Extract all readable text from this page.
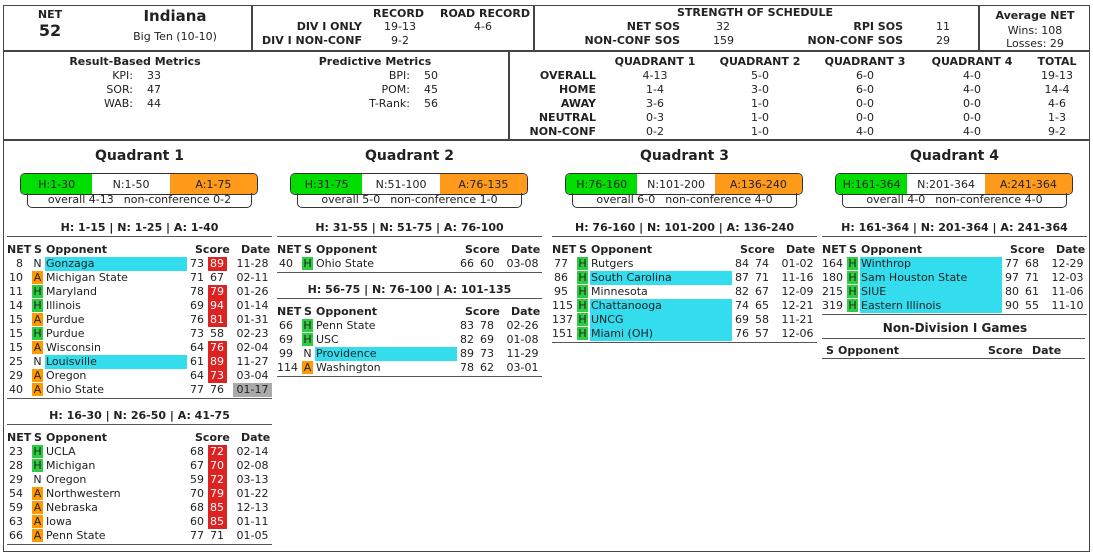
NET
52
Indiana
Big Ten (10-10)
RECORD ROAD RECORD
DIV I ONLY	19-13	4-6
DIV I NON-CONF	9-2
STRENGTH OF SCHEDULE
NET SOS	32
NON-CONF SOS	159
RPI SOS	11
NON-CONF SOS	29
Average NET
Wins: 108
Losses: 29
Result-Based Metrics
KPI: 33
SOR: 47
WAB: 44
Predictive Metrics
BPI: 50
POM: 45
T-Rank: 56
QUADRANT 1	QUADRANT 2	QUADRANT 3	QUADRANT 4	TOTAL
OVERALL	4-13	5-0	6-0	4-0	19-13
HOME	1-4	3-0	6-0	4-0	14-4
AWAY	3-6	1-0	0-0	0-0	4-6
NEUTRAL	0-3	1-0	0-0	0-0	1-3
NON-CONF	0-2	1-0	4-0	4-0	9-2
Quadrant 1
H:1-30	N:1-50	A:1-75
overall 4-13 non-conference 0-2
H: 1-15 | N: 1-25 | A: 1-40
NET S Opponent	Score Date
8 N Gonzaga	73 89	11-28
10 A Michigan State	71 67	02-11
11 H Maryland	78 79	01-26
14 H Illinois	69 94	01-14
15 A Purdue	76 81	01-31
15 H Purdue	73 58	02-23
15 A Wisconsin	64 76	02-04
25 N Louisville	61 89	11-27
29 A Oregon	64 73	03-04
40 A Ohio State	77 76	01-17
H: 16-30 | N: 26-50 | A: 41-75
NET S Opponent	Score Date
23 H UCLA	68 72	02-14
28 H Michigan	67 70	02-08
29 N Oregon	59 72	03-13
54 A Northwestern	70 79	01-22
59 A Nebraska	68 85	12-13
63 A Iowa	60 85	01-11
66 A Penn State	77 71	01-05
Quadrant 2
H:31-75	N:51-100	A:76-135
overall 5-0 non-conference 1-0
H: 31-55 | N: 51-75 | A: 76-100
NET S Opponent	Score Date
40 H Ohio State	66 60	03-08
H: 56-75 | N: 76-100 | A: 101-135
NET S Opponent	Score Date
66 H Penn State	83 78	02-26
69 H USC	82 69	01-08
99 N Providence	89 73	11-29
114 A Washington	78 62	03-01
Quadrant 3
H:76-160	N:101-200	A:136-240
overall 6-0 non-conference 4-0
H: 76-160 | N: 101-200 | A: 136-240
NET S Opponent	Score Date
77 H Rutgers	84 74	01-02
86 H South Carolina	87 71	11-16
95 H Minnesota	82 67	12-09
115 H Chattanooga	74 65	12-21
137 H UNCG	69 58	11-21
151 H Miami (OH)	76 57	12-06
Quadrant 4
H:161-364	N:201-364	A:241-364
overall 4-0 non-conference 4-0
H: 161-364 | N: 201-364 | A: 241-364
NET S Opponent	Score Date
164 H Winthrop	77 68	12-29
180 H Sam Houston State	97 71	12-03
215 H SIUE	80 61	11-06
319 H Eastern Illinois	90 55	11-10
Non-Division I Games
S Opponent	Score Date
